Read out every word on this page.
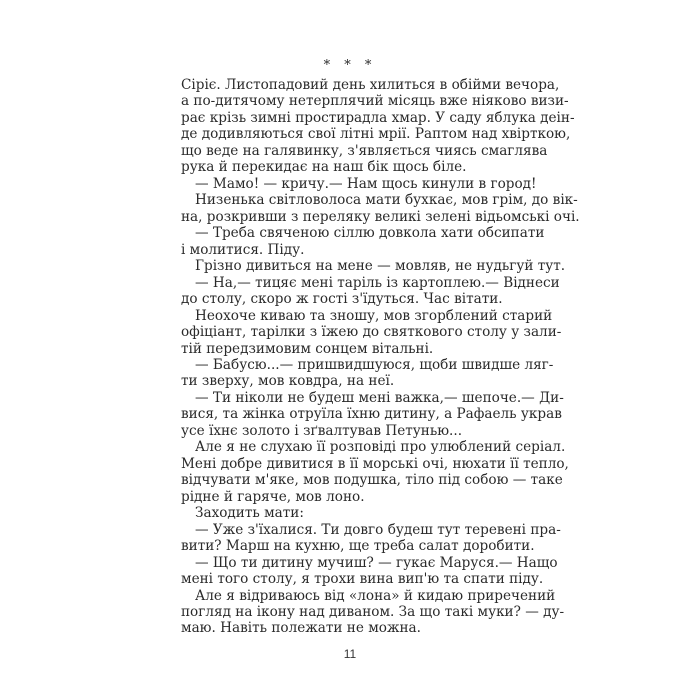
* * *
Сіріє. Листопадовий день хилиться в обійми вечора,
а по-дитячому нетерплячий місяць вже ніяково визи-
рає крізь зимні простирадла хмар. У саду яблука деін-
де додивляються свої літні мрії. Раптом над хвірткою,
що веде на галявинку, з'являється чиясь смаглява
рука й перекидає на наш бік щось біле.
— Мамо! — кричу.— Нам щось кинули в город!
Низенька світловолоса мати бухкає, мов грім, до вік-
на, розкривши з переляку великі зелені відьомські очі.
— Треба свяченою сіллю довкола хати обсипати
і молитися. Піду.
Грізно дивиться на мене — мовляв, не нудьгуй тут.
— На,— тицяє мені таріль із картоплею.— Віднеси
до столу, скоро ж гості з'їдуться. Час вітати.
Неохоче киваю та зношу, мов згорблений старий
офіціант, тарілки з їжею до святкового столу у зали-
тій передзимовим сонцем вітальні.
— Бабусю...— пришвидшуюся, щоби швидше ляг-
ти зверху, мов ковдра, на неї.
— Ти ніколи не будеш мені важка,— шепоче.— Ди-
вися, та жінка отруїла їхню дитину, а Рафаель украв
усе їхнє золото і зґвалтував Петунью...
Але я не слухаю її розповіді про улюблений серіал.
Мені добре дивитися в її морські очі, нюхати її тепло,
відчувати м'яке, мов подушка, тіло під собою — таке
рідне й гаряче, мов лоно.
Заходить мати:
— Уже з'їхалися. Ти довго будеш тут теревені пра-
вити? Марш на кухню, ще треба салат доробити.
— Що ти дитину мучиш? — гукає Маруся.— Нащо
мені того столу, я трохи вина вип'ю та спати піду.
Але я відриваюсь від «лона» й кидаю приречений
погляд на ікону над диваном. За що такі муки? — ду-
маю. Навіть полежати не можна.
11
